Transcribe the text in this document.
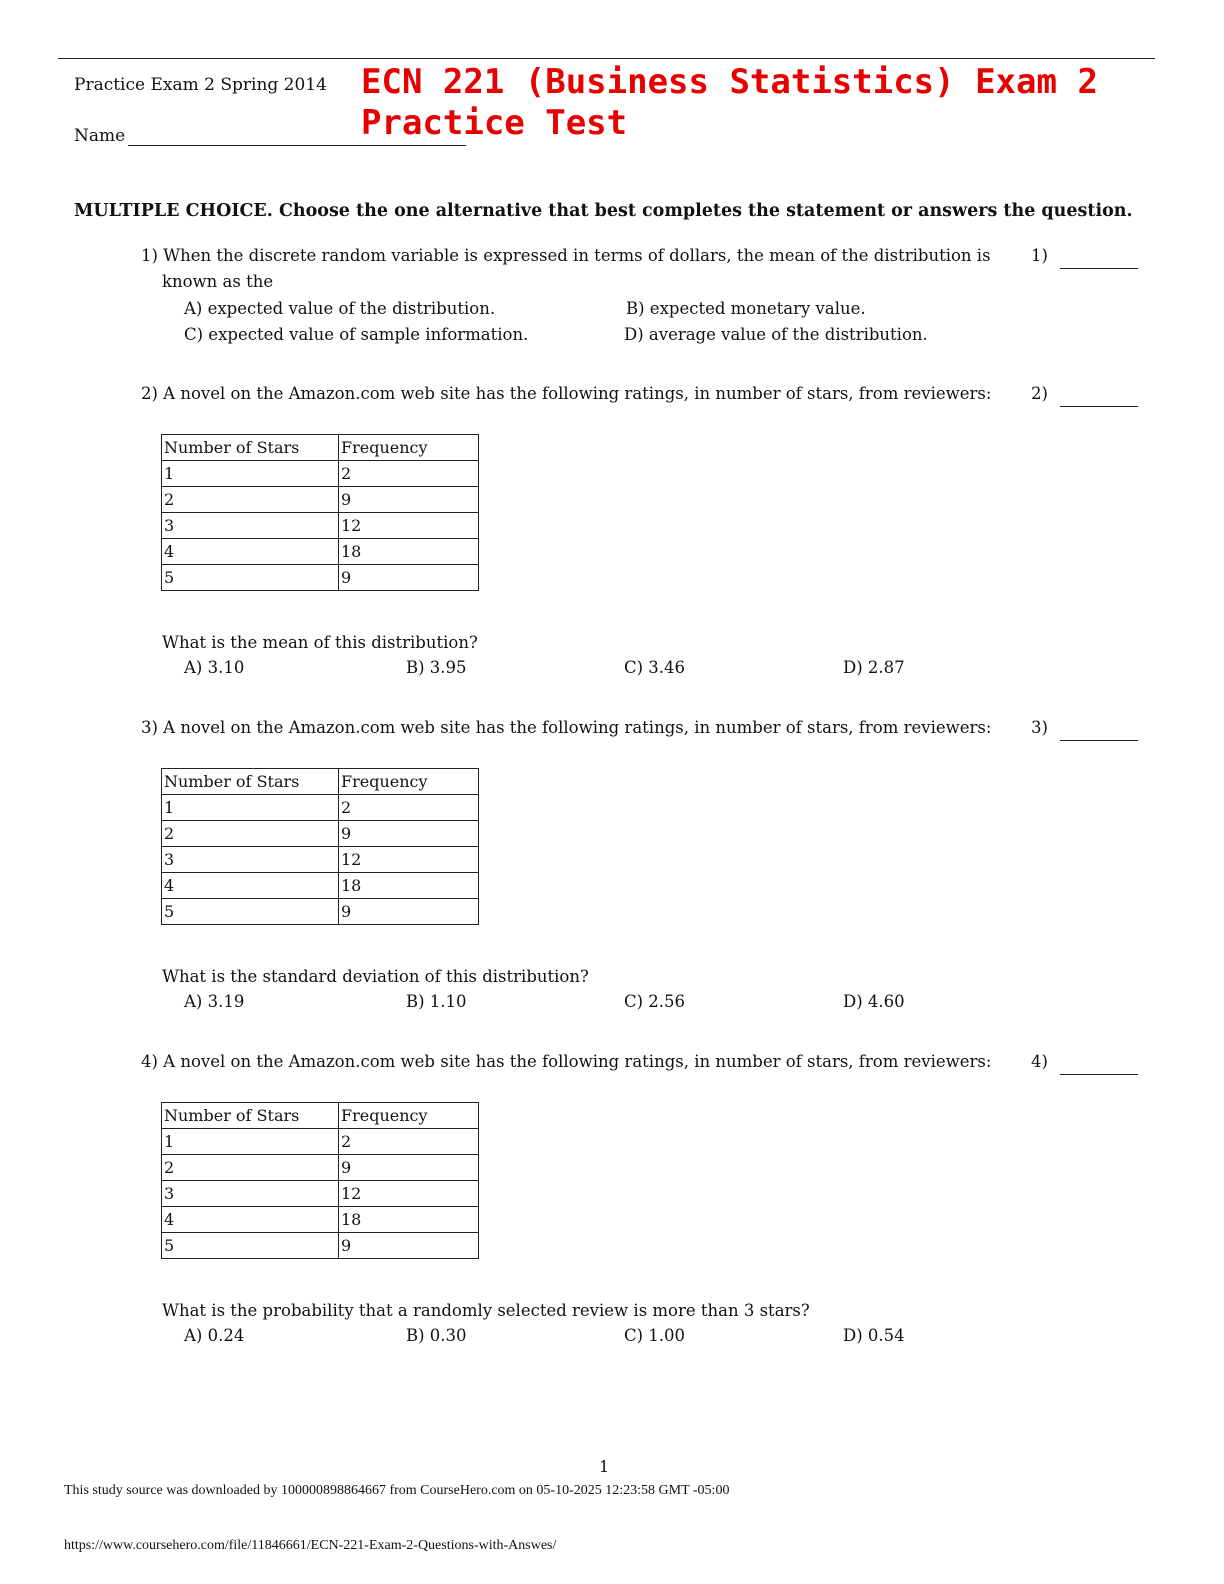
Practice Exam 2 Spring 2014
Name
ECN 221 (Business Statistics) Exam 2
Practice Test
MULTIPLE CHOICE. Choose the one alternative that best completes the statement or answers the question.
1) When the discrete random variable is expressed in terms of dollars, the mean of the distribution is
known as the
1)
A) expected value of the distribution.	B) expected monetary value.
C) expected value of sample information.	D) average value of the distribution.
2) A novel on the Amazon.com web site has the following ratings, in number of stars, from reviewers: 2)
Number of Stars	Frequency
1	2
2	9
3	12
4	18
5	9
What is the mean of this distribution?
A) 3.10	B) 3.95	C) 3.46	D) 2.87
3) A novel on the Amazon.com web site has the following ratings, in number of stars, from reviewers: 3)
Number of Stars	Frequency
1	2
2	9
3	12
4	18
5	9
What is the standard deviation of this distribution?
A) 3.19	B) 1.10	C) 2.56	D) 4.60
4) A novel on the Amazon.com web site has the following ratings, in number of stars, from reviewers: 4)
Number of Stars	Frequency
1	2
2	9
3	12
4	18
5	9
What is the probability that a randomly selected review is more than 3 stars?
A) 0.24	B) 0.30	C) 1.00	D) 0.54
1
This study source was downloaded by 100000898864667 from CourseHero.com on 05-10-2025 12:23:58 GMT -05:00
https://www.coursehero.com/file/11846661/ECN-221-Exam-2-Questions-with-Answes/
